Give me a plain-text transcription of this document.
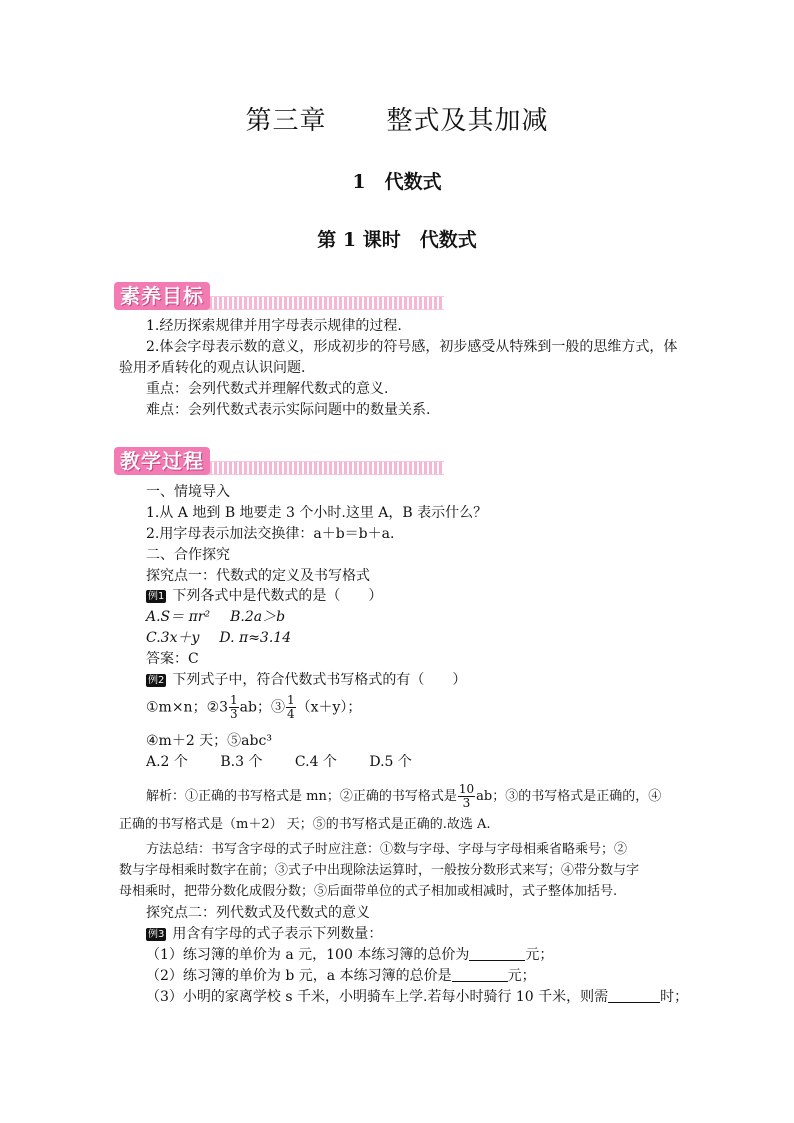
第三章 整式及其加减
1　代数式
第 1 课时　代数式
素养目标
1.经历探索规律并用字母表示规律的过程.
2.体会字母表示数的意义，形成初步的符号感，初步感受从特殊到一般的思维方式，体
验用矛盾转化的观点认识问题.
重点：会列代数式并理解代数式的意义.
难点：会列代数式表示实际问题中的数量关系.
教学过程
一、情境导入
1.从 A 地到 B 地要走 3 个小时.这里 A，B 表示什么？
2.用字母表示加法交换律：a＋b＝b＋a.
二、合作探究
探究点一：代数式的定义及书写格式
例1 下列各式中是代数式的是（　　）
A.S＝ πr² B.2a＞b
C.3x＋y D. π≈3.14
答案：C
例2 下列式子中，符合代数式书写格式的有（　　）
①m×n；②3 $\frac{1}{3}$ ab；③ $\frac{1}{4} (x+y)$；
④m＋2 天；⑤abc³
A.2 个　　 B.3 个　　 C.4 个　　 D.5 个
解析：①正确的书写格式是 mn；②正确的书写格式是 $\frac{10}{3}$ ab；③的书写格式是正确的，④
正确的书写格式是（m＋2） 天；⑤的书写格式是正确的.故选 A.
方法总结：书写含字母的式子时应注意：①数与字母、字母与字母相乘省略乘号；②
数与字母相乘时数字在前；③式子中出现除法运算时，一般按分数形式来写；④带分数与字
母相乘时，把带分数化成假分数；⑤后面带单位的式子相加或相减时，式子整体加括号.
探究点二：列代数式及代数式的意义
例3 用含有字母的式子表示下列数量：
（1）练习簿的单价为 a 元，100 本练习簿的总价为	元；
（2）练习簿的单价为 b 元，a 本练习簿的总价是	元；
（3）小明的家离学校 s 千米，小明骑车上学.若每小时骑行 10 千米，则需	时；
